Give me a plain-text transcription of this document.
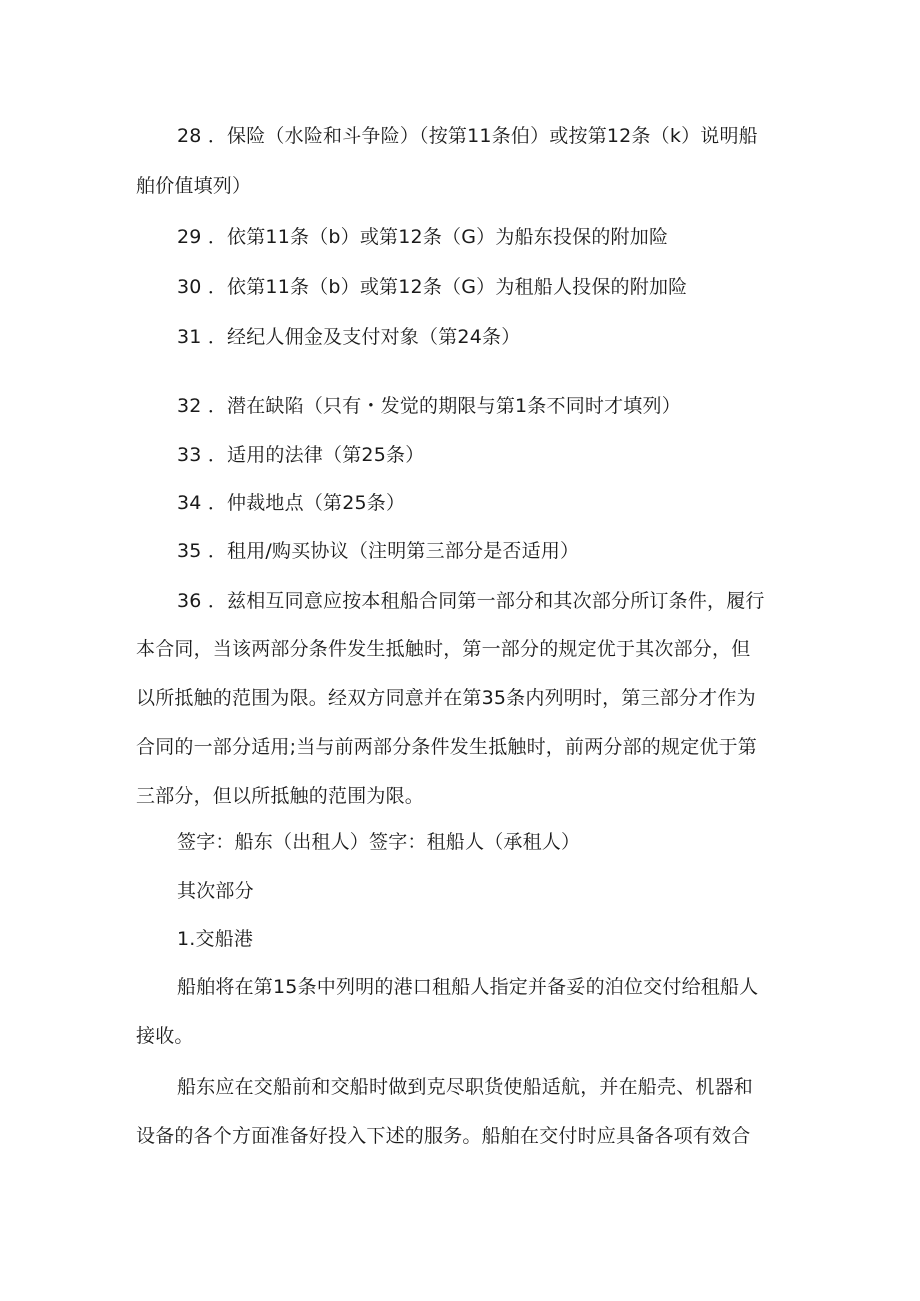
28 ．保险（水险和斗争险）（按第11条伯）或按第12条（k）说明船
舶价值填列）
29 ．依第11条（b）或第12条（G）为船东投保的附加险
30 ．依第11条（b）或第12条（G）为租船人投保的附加险
31 ．经纪人佣金及支付对象（第24条）
32 ．潜在缺陷（只有・发觉的期限与第1条不同时才填列）
33 ．适用的法律（第25条）
34 ．仲裁地点（第25条）
35 ．租用/购买协议（注明第三部分是否适用）
36 ．兹相互同意应按本租船合同第一部分和其次部分所订条件，履行
本合同，当该两部分条件发生抵触时，第一部分的规定优于其次部分，但
以所抵触的范围为限。经双方同意并在第35条内列明时，第三部分才作为
合同的一部分适用;当与前两部分条件发生抵触时，前两分部的规定优于第
三部分，但以所抵触的范围为限。
签字：船东（出租人）签字：租船人（承租人）
其次部分
1.交船港
船舶将在第15条中列明的港口租船人指定并备妥的泊位交付给租船人
接收。
船东应在交船前和交船时做到克尽职货使船适航，并在船壳、机器和
设备的各个方面准备好投入下述的服务。船舶在交付时应具备各项有效合
